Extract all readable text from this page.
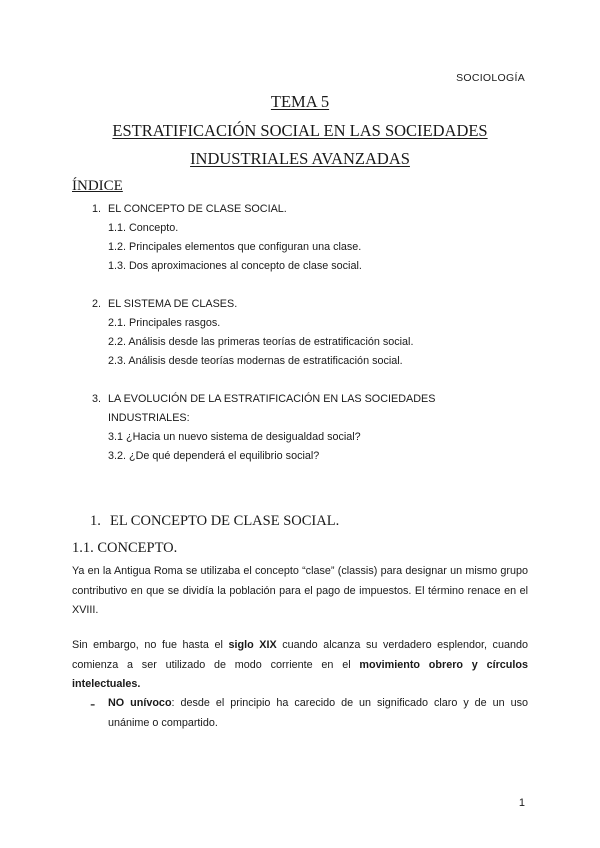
SOCIOLOGÍA
TEMA 5
ESTRATIFICACIÓN SOCIAL EN LAS SOCIEDADES
INDUSTRIALES AVANZADAS
ÍNDICE
1. EL CONCEPTO DE CLASE SOCIAL.
1.1. Concepto.
1.2. Principales elementos que configuran una clase.
1.3. Dos aproximaciones al concepto de clase social.
2. EL SISTEMA DE CLASES.
2.1. Principales rasgos.
2.2. Análisis desde las primeras teorías de estratificación social.
2.3. Análisis desde teorías modernas de estratificación social.
3. LA EVOLUCIÓN DE LA ESTRATIFICACIÓN EN LAS SOCIEDADES
INDUSTRIALES:
3.1 ¿Hacia un nuevo sistema de desigualdad social?
3.2. ¿De qué dependerá el equilibrio social?
1. EL CONCEPTO DE CLASE SOCIAL.
1.1. CONCEPTO.
Ya en la Antigua Roma se utilizaba el concepto “clase” (classis) para designar un mismo grupo contributivo en que se dividía la población para el pago de impuestos. El término renace en el XVIII.
Sin embargo, no fue hasta el siglo XIX cuando alcanza su verdadero esplendor, cuando comienza a ser utilizado de modo corriente en el movimiento obrero y círculos intelectuales.
- NO unívoco: desde el principio ha carecido de un significado claro y de un uso unánime o compartido.
1
